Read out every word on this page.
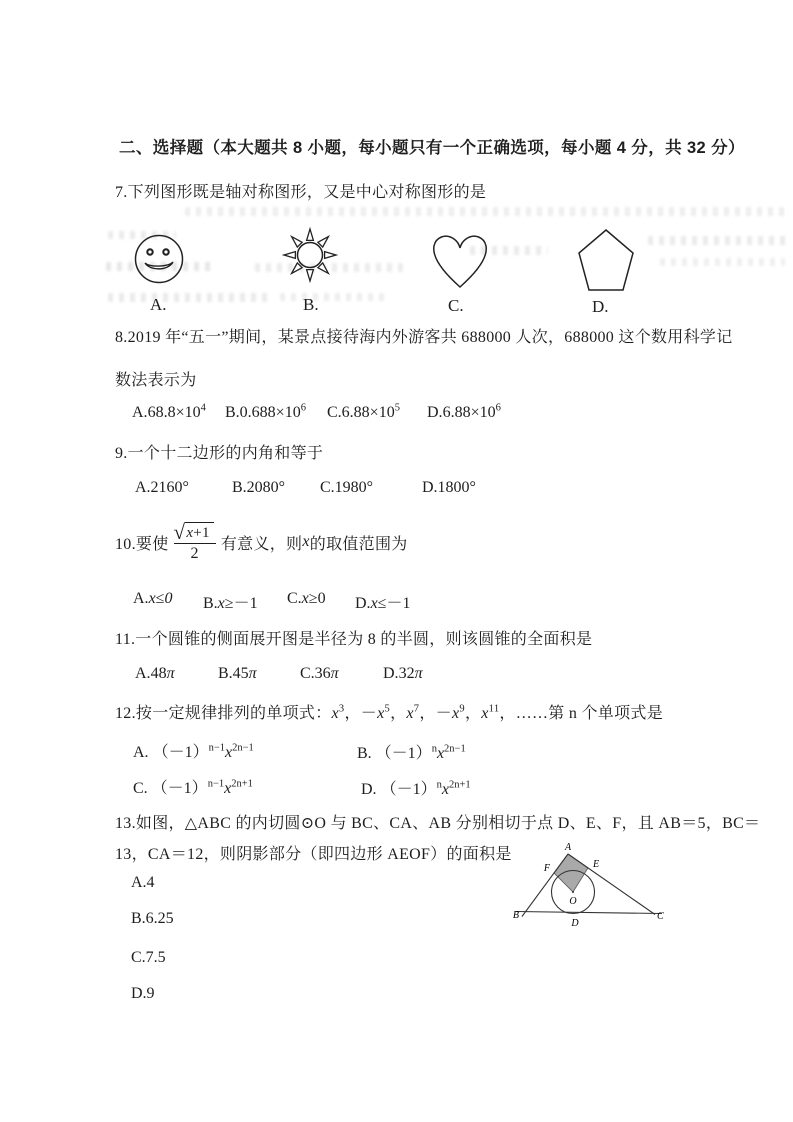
二、选择题（本大题共 8 小题，每小题只有一个正确选项，每小题 4 分，共 32 分）
7.下列图形既是轴对称图形，又是中心对称图形的是
A.	B.	C.	D.
8.2019 年“五一”期间，某景点接待海内外游客共 688000 人次，688000 这个数用科学记
数法表示为
$A.68.8\times 10^4$ $B.0.688\times 10^6$ $C.6.88\times 10^5$ $D.6.88\times 10^6$
9.一个十二边形的内角和等于
A.2160°	B.2080° C.1980°	D.1800°
10.要使 $\frac{√ x+1}{2}$ 有意义，则 x 的取值范围为
A.x≤0 B.x≥－1 C.x≥0 D.x≤－1
11.一个圆锥的侧面展开图是半径为 8 的半圆，则该圆锥的全面积是
A.48π	B.45π	C.36π	D.32π
12.按一定规律排列的单项式：$x^3$，$-x^5$，$x^7$，$-x^9$，$x^{11}$，……第 n 个单项式是
A. $(-1)^{n-1}x^{2n-1}$	B. $(-1)^nx^{2n-1}$
C. $(-1)^{n-1}x^{2n+1}$	D. $(-1)^nx^{2n+1}$
13.如图，△ABC 的内切圆⊙O 与 BC、CA、AB 分别相切于点 D、E、F，且 AB＝5，BC＝
13，CA＝12，则阴影部分（即四边形 AEOF）的面积是	A
B	C
D
E
F
O
A.4
B.6.25
C.7.5
D.9
